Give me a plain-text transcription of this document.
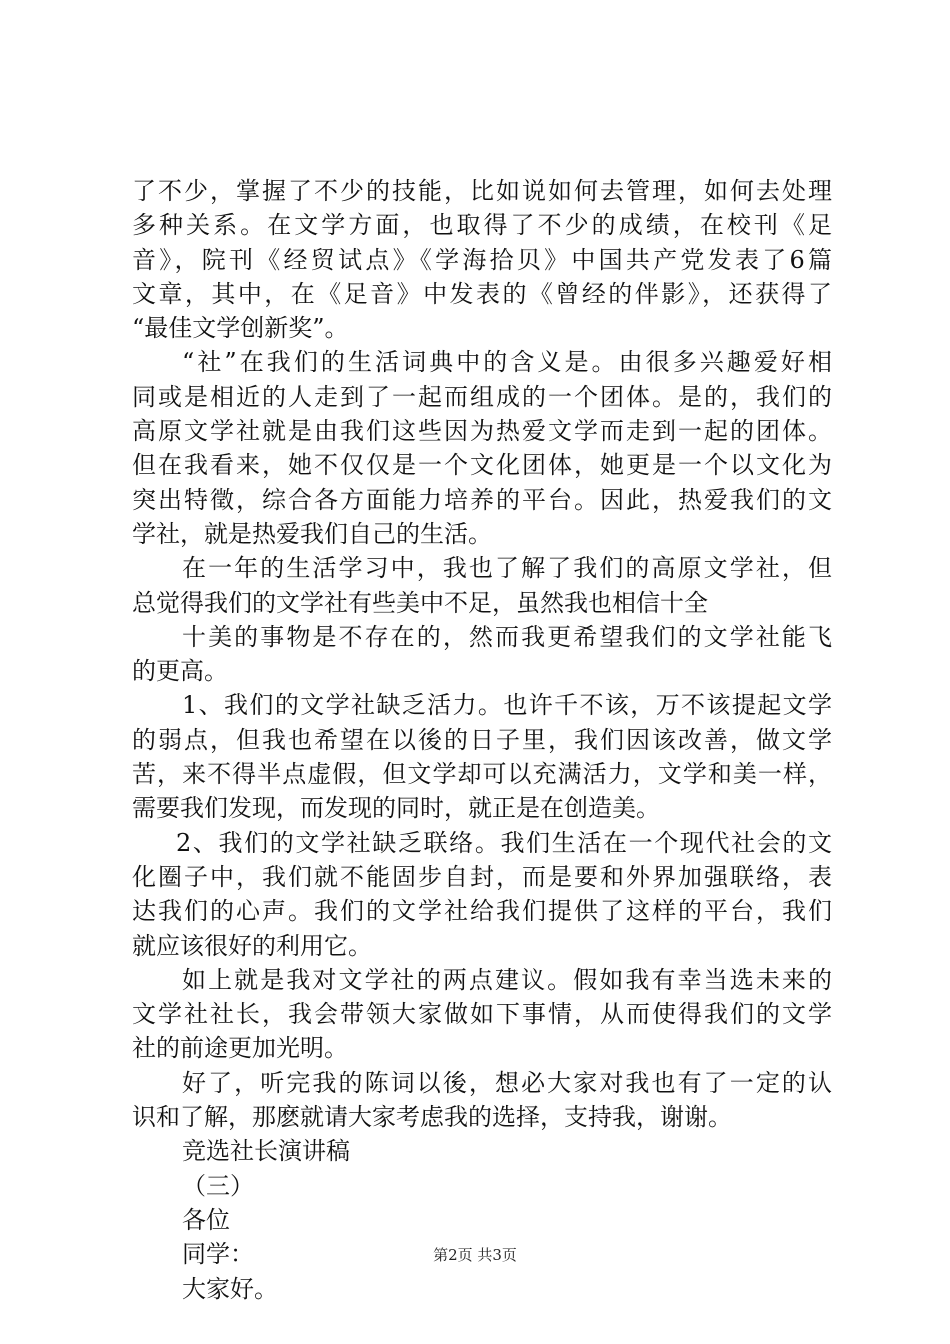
了不少，掌握了不少的技能，比如说如何去管理，如何去处理
多种关系。在文学方面，也取得了不少的成绩，在校刊《足
音》，院刊《经贸试点》《学海拾贝》中国共产党发表了6篇
文章，其中，在《足音》中发表的《曾经的伴影》，还获得了
“最佳文学创新奖”。
“社”在我们的生活词典中的含义是。由很多兴趣爱好相
同或是相近的人走到了一起而组成的一个团体。是的，我们的
高原文学社就是由我们这些因为热爱文学而走到一起的团体。
但在我看来，她不仅仅是一个文化团体，她更是一个以文化为
突出特徵，综合各方面能力培养的平台。因此，热爱我们的文
学社，就是热爱我们自己的生活。
在一年的生活学习中，我也了解了我们的高原文学社，但
总觉得我们的文学社有些美中不足，虽然我也相信十全
十美的事物是不存在的，然而我更希望我们的文学社能飞
的更高。
1、我们的文学社缺乏活力。也许千不该，万不该提起文学
的弱点，但我也希望在以後的日子里，我们因该改善，做文学
苦，来不得半点虚假，但文学却可以充满活力，文学和美一样，
需要我们发现，而发现的同时，就正是在创造美。
2、我们的文学社缺乏联络。我们生活在一个现代社会的文
化圈子中，我们就不能固步自封，而是要和外界加强联络，表
达我们的心声。我们的文学社给我们提供了这样的平台，我们
就应该很好的利用它。
如上就是我对文学社的两点建议。假如我有幸当选未来的
文学社社长，我会带领大家做如下事情，从而使得我们的文学
社的前途更加光明。
好了，听完我的陈词以後，想必大家对我也有了一定的认
识和了解，那麽就请大家考虑我的选择，支持我，谢谢。
竞选社长演讲稿
（三）
各位
同学：
大家好。
第2页 共3页
